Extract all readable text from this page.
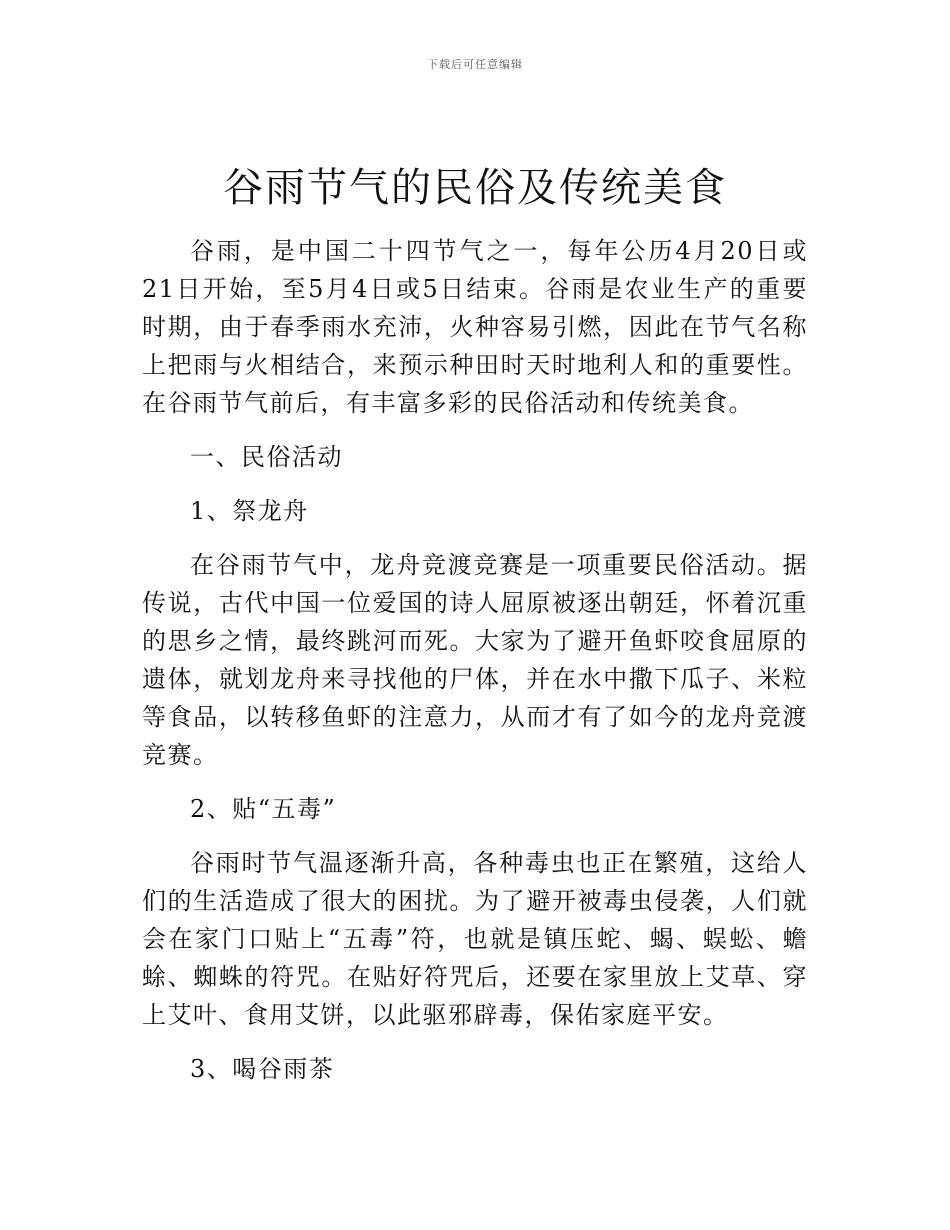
下载后可任意编辑
谷雨节气的民俗及传统美食

谷雨，是中国二十四节气之一，每年公历4月20日或21日开始，至5月4日或5日结束。谷雨是农业生产的重要时期，由于春季雨水充沛，火种容易引燃，因此在节气名称上把雨与火相结合，来预示种田时天时地利人和的重要性。在谷雨节气前后，有丰富多彩的民俗活动和传统美食。

一、民俗活动

1、祭龙舟

在谷雨节气中，龙舟竞渡竞赛是一项重要民俗活动。据传说，古代中国一位爱国的诗人屈原被逐出朝廷，怀着沉重的思乡之情，最终跳河而死。大家为了避开鱼虾咬食屈原的遗体，就划龙舟来寻找他的尸体，并在水中撒下瓜子、米粒等食品，以转移鱼虾的注意力，从而才有了如今的龙舟竞渡竞赛。

2、贴“五毒”

谷雨时节气温逐渐升高，各种毒虫也正在繁殖，这给人们的生活造成了很大的困扰。为了避开被毒虫侵袭，人们就会在家门口贴上“五毒”符，也就是镇压蛇、蝎、蜈蚣、蟾蜍、蜘蛛的符咒。在贴好符咒后，还要在家里放上艾草、穿上艾叶、食用艾饼，以此驱邪辟毒，保佑家庭平安。

3、喝谷雨茶
